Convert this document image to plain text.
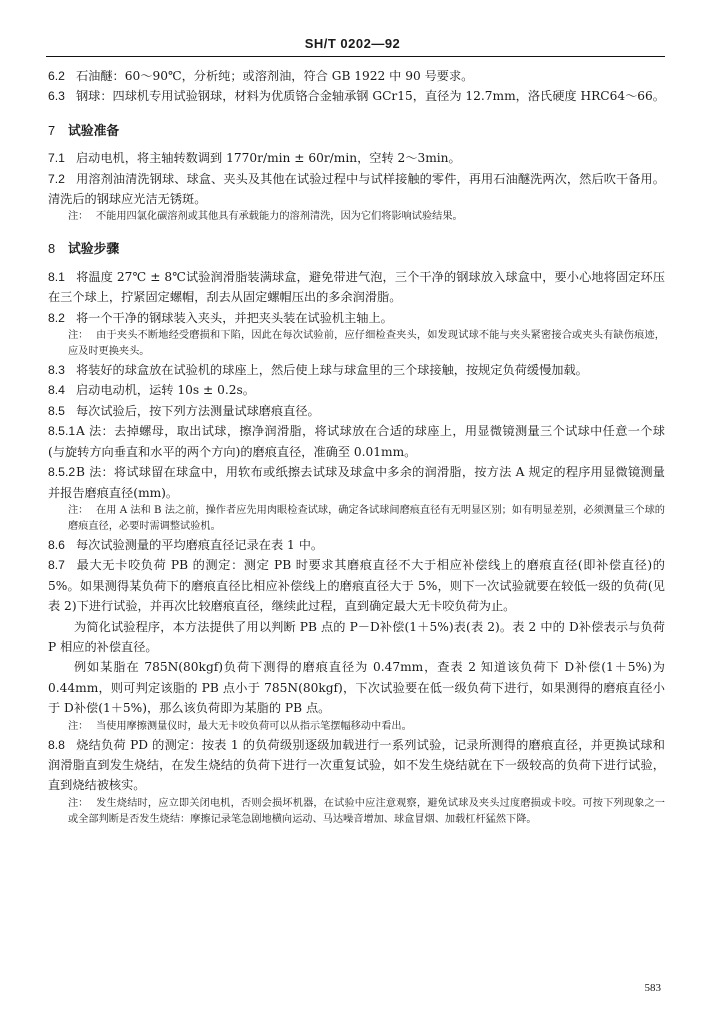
SH/T 0202—92

6.2 石油醚：60～90℃，分析纯；或溶剂油，符合 GB 1922 中 90 号要求。

6.3 钢球：四球机专用试验钢球，材料为优质铬合金轴承钢 GCr15，直径为 12.7mm，洛氏硬度 HRC64～66。

7 试验准备

7.1 启动电机，将主轴转数调到 1770r/min ± 60r/min，空转 2～3min。

7.2 用溶剂油清洗钢球、球盒、夹头及其他在试验过程中与试样接触的零件，再用石油醚洗两次，然后吹干备用。清洗后的钢球应光洁无锈斑。

注： 不能用四氯化碳溶剂或其他具有承载能力的溶剂清洗，因为它们将影响试验结果。

8 试验步骤

8.1 将温度 27℃ ± 8℃试验润滑脂装满球盒，避免带进气泡，三个干净的钢球放入球盒中，要小心地将固定环压在三个球上，拧紧固定螺帽，刮去从固定螺帽压出的多余润滑脂。

8.2 将一个干净的钢球装入夹头，并把夹头装在试验机主轴上。

注： 由于夹头不断地经受磨损和下陷，因此在每次试验前，应仔细检查夹头，如发现试球不能与夹头紧密接合或夹头有缺伤痕迹，应及时更换夹头。

8.3 将装好的球盒放在试验机的球座上，然后使上球与球盒里的三个球接触，按规定负荷缓慢加载。

8.4 启动电动机，运转 10s ± 0.2s。

8.5 每次试验后，按下列方法测量试球磨痕直径。

8.5.1A 法：去掉螺母，取出试球，擦净润滑脂，将试球放在合适的球座上，用显微镜测量三个试球中任意一个球(与旋转方向垂直和水平的两个方向)的磨痕直径，准确至 0.01mm。

8.5.2B 法：将试球留在球盒中，用软布或纸擦去试球及球盒中多余的润滑脂，按方法 A 规定的程序用显微镜测量并报告磨痕直径(mm)。

注： 在用 A 法和 B 法之前，操作者应先用肉眼检查试球，确定各试球间磨痕直径有无明显区别；如有明显差别，必须测量三个球的磨痕直径，必要时需调整试验机。

8.6 每次试验测量的平均磨痕直径记录在表 1 中。

8.7 最大无卡咬负荷 PB 的测定：测定 PB 时要求其磨痕直径不大于相应补偿线上的磨痕直径(即补偿直径)的 5%。如果测得某负荷下的磨痕直径比相应补偿线上的磨痕直径大于 5%，则下一次试验就要在较低一级的负荷(见表 2)下进行试验，并再次比较磨痕直径，继续此过程，直到确定最大无卡咬负荷为止。

为简化试验程序，本方法提供了用以判断 PB 点的 P－D补偿(1＋5%)表(表 2)。表 2 中的 D补偿表示与负荷 P 相应的补偿直径。

例如某脂在 785N(80kgf)负荷下测得的磨痕直径为 0.47mm，查表 2 知道该负荷下 D补偿(1＋5%)为 0.44mm，则可判定该脂的 PB 点小于 785N(80kgf)，下次试验要在低一级负荷下进行，如果测得的磨痕直径小于 D补偿(1＋5%)，那么该负荷即为某脂的 PB 点。

注： 当使用摩擦测量仪时，最大无卡咬负荷可以从指示笔摆幅移动中看出。

8.8 烧结负荷 PD 的测定：按表 1 的负荷级别逐级加载进行一系列试验，记录所测得的磨痕直径，并更换试球和润滑脂直到发生烧结，在发生烧结的负荷下进行一次重复试验，如不发生烧结就在下一级较高的负荷下进行试验，直到烧结被核实。

注： 发生烧结时，应立即关闭电机，否则会损坏机器，在试验中应注意观察，避免试球及夹头过度磨损或卡咬。可按下列现象之一或全部判断是否发生烧结：摩擦记录笔急剧地横向运动、马达噪音增加、球盒冒烟、加载杠杆猛然下降。

583
